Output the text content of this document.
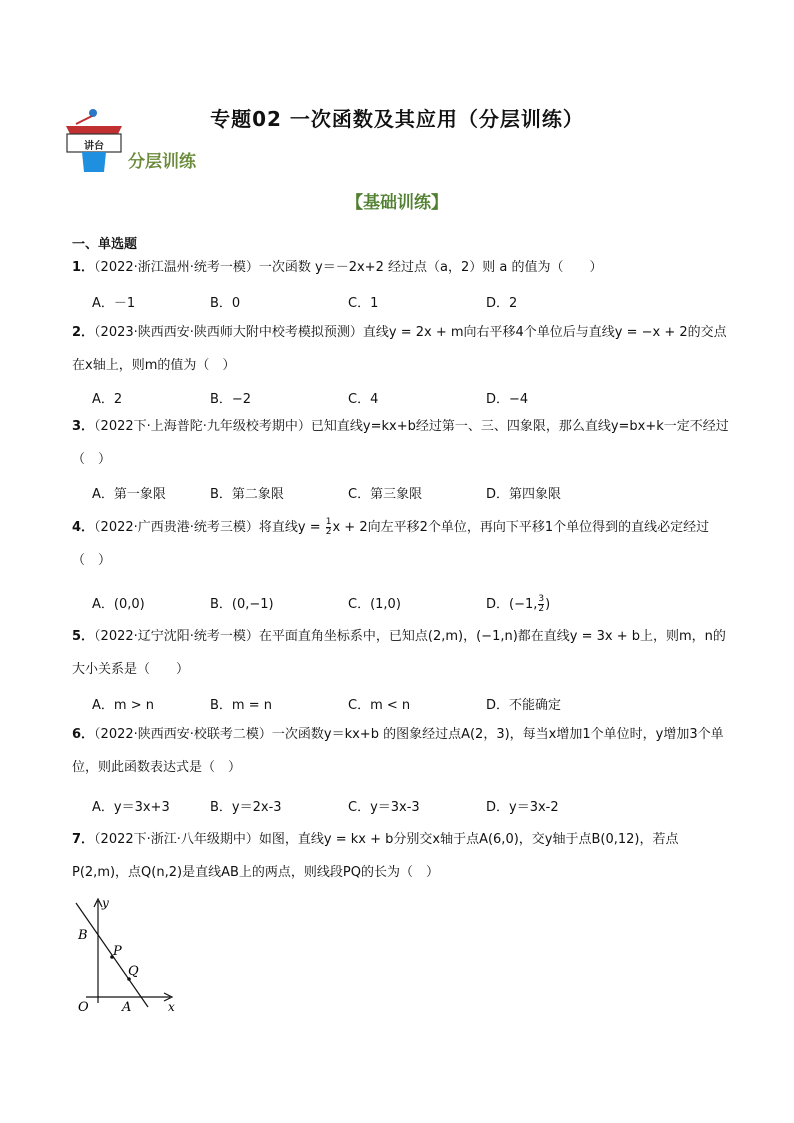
专题02 一次函数及其应用（分层训练）
讲台
分层训练
【基础训练】
一、单选题
1．（2022·浙江温州·统考一模）一次函数 y＝－2x+2 经过点（a，2）则 a 的值为（　　）
A．－1	B．0	C．1	D．2
2．（2023·陕西西安·陕西师大附中校考模拟预测）直线y = 2x + m向右平移4个单位后与直线y = −x + 2的交点在x轴上，则m的值为（　）
A．2	B．−2	C．4	D．−4
3．（2022下·上海普陀·九年级校考期中）已知直线y=kx+b经过第一、三、四象限，那么直线y=bx+k一定不经过（　）
A．第一象限	B．第二象限	C．第三象限	D．第四象限
4．（2022·广西贵港·统考三模）将直线$y = \frac{1}{2}$ x + 2向左平移2个单位，再向下平移1个单位得到的直线必定经过（　）
A．(0,0)	B．(0,−1)	C．(1,0)	D．(−1, $\frac{3}{2}$ )
5．（2022·辽宁沈阳·统考一模）在平面直角坐标系中，已知点(2,m)，(−1,n)都在直线y = 3x + b上，则m，n的大小关系是（　　）
A．m > n	B．m = n	C．m < n	D．不能确定
6．（2022·陕西西安·校联考二模）一次函数y＝kx+b 的图象经过点A(2，3)，每当x增加1个单位时，y增加3个单位，则此函数表达式是（　）
A．y＝3x+3	B．y＝2x-3	C．y＝3x-3	D．y＝3x-2
7．（2022下·浙江·八年级期中）如图，直线y = kx + b分别交x轴于点A(6,0)，交y轴于点B(0,12)，若点P(2,m)，点Q(n,2)是直线AB上的两点，则线段PQ的长为（　）
y
x
O	A
B
P
Q
